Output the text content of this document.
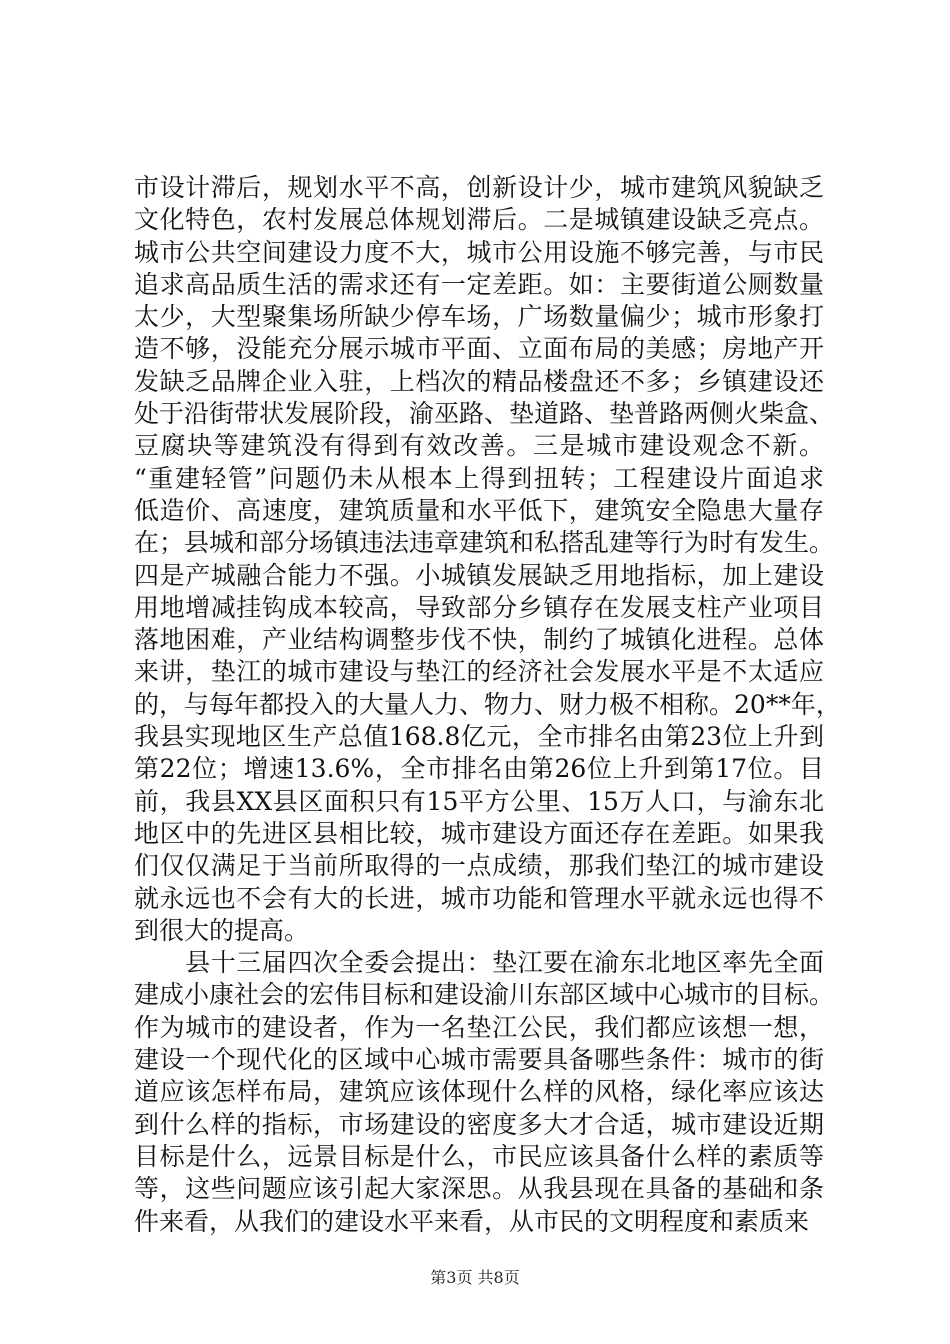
市设计滞后，规划水平不高，创新设计少，城市建筑风貌缺乏
文化特色，农村发展总体规划滞后。二是城镇建设缺乏亮点。
城市公共空间建设力度不大，城市公用设施不够完善，与市民
追求高品质生活的需求还有一定差距。如：主要街道公厕数量
太少，大型聚集场所缺少停车场，广场数量偏少；城市形象打
造不够，没能充分展示城市平面、立面布局的美感；房地产开
发缺乏品牌企业入驻，上档次的精品楼盘还不多；乡镇建设还
处于沿街带状发展阶段，渝巫路、垫道路、垫普路两侧火柴盒、
豆腐块等建筑没有得到有效改善。三是城市建设观念不新。
“重建轻管”问题仍未从根本上得到扭转；工程建设片面追求
低造价、高速度，建筑质量和水平低下，建筑安全隐患大量存
在；县城和部分场镇违法违章建筑和私搭乱建等行为时有发生。
四是产城融合能力不强。小城镇发展缺乏用地指标，加上建设
用地增减挂钩成本较高，导致部分乡镇存在发展支柱产业项目
落地困难，产业结构调整步伐不快，制约了城镇化进程。总体
来讲，垫江的城市建设与垫江的经济社会发展水平是不太适应
的，与每年都投入的大量人力、物力、财力极不相称。20**年，
我县实现地区生产总值168.8亿元，全市排名由第23位上升到
第22位；增速13.6%，全市排名由第26位上升到第17位。目
前，我县XX县区面积只有15平方公里、15万人口，与渝东北
地区中的先进区县相比较，城市建设方面还存在差距。如果我
们仅仅满足于当前所取得的一点成绩，那我们垫江的城市建设
就永远也不会有大的长进，城市功能和管理水平就永远也得不
到很大的提高。
　　县十三届四次全委会提出：垫江要在渝东北地区率先全面
建成小康社会的宏伟目标和建设渝川东部区域中心城市的目标。
作为城市的建设者，作为一名垫江公民，我们都应该想一想，
建设一个现代化的区域中心城市需要具备哪些条件：城市的街
道应该怎样布局，建筑应该体现什么样的风格，绿化率应该达
到什么样的指标，市场建设的密度多大才合适，城市建设近期
目标是什么，远景目标是什么，市民应该具备什么样的素质等
等，这些问题应该引起大家深思。从我县现在具备的基础和条
件来看，从我们的建设水平来看，从市民的文明程度和素质来
第3页 共8页
